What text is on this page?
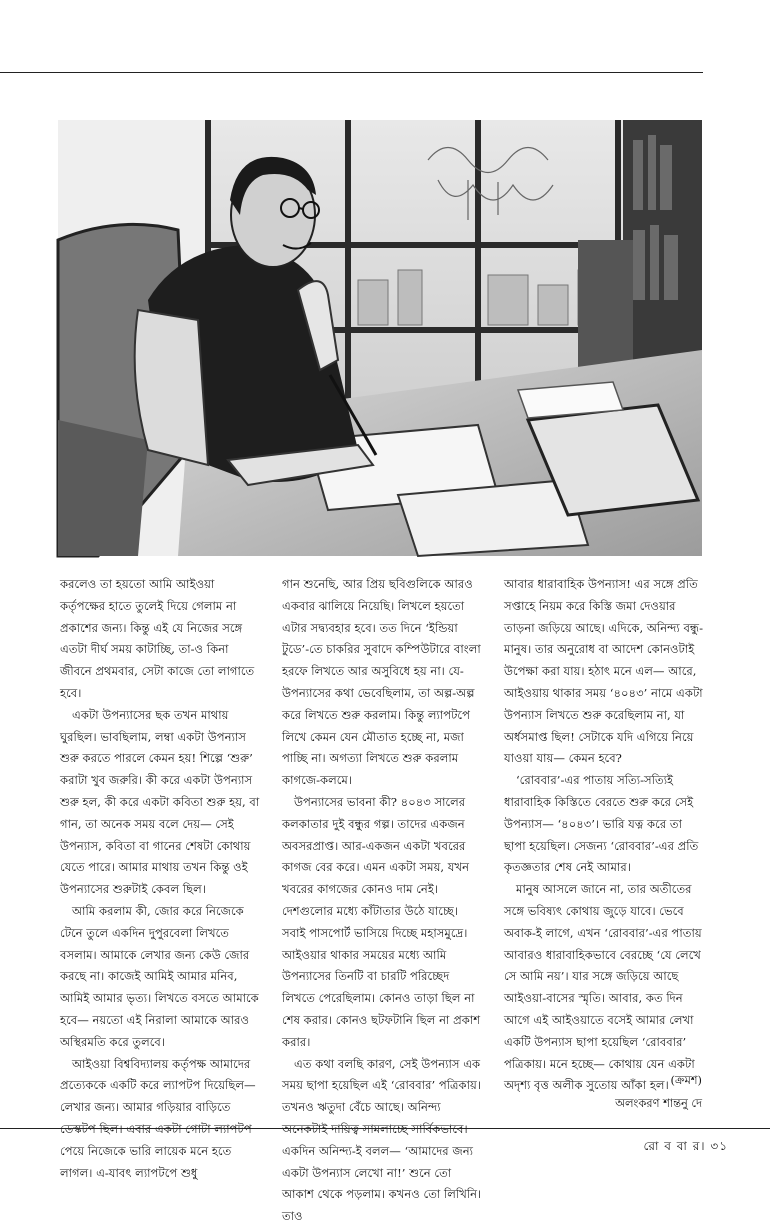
করলেও তা হয়তো আমি আইওয়া কর্তৃপক্ষের হাতে তুলেই দিয়ে গেলাম না প্রকাশের জন্য। কিন্তু এই যে নিজের সঙ্গে এতটা দীর্ঘ সময় কাটাচ্ছি, তা-ও কিনা জীবনে প্রথমবার, সেটা কাজে তো লাগাতে হবে।

একটা উপন্যাসের ছক তখন মাথায় ঘুরছিল। ভাবছিলাম, লম্বা একটা উপন্যাস শুরু করতে পারলে কেমন হয়! শিল্পে ‘শুরু’ করাটা খুব জরুরি। কী করে একটা উপন্যাস শুরু হল, কী করে একটা কবিতা শুরু হয়, বা গান, তা অনেক সময় বলে দেয়— সেই উপন্যাস, কবিতা বা গানের শেষটা কোথায় যেতে পারে। আমার মাথায় তখন কিন্তু ওই উপন্যাসের শুরুটাই কেবল ছিল।

আমি করলাম কী, জোর করে নিজেকে টেনে তুলে একদিন দুপুরবেলা লিখতে বসলাম। আমাকে লেখার জন্য কেউ জোর করছে না। কাজেই আমিই আমার মনিব, আমিই আমার ভৃত্য। লিখতে বসতে আমাকে হবে— নয়তো এই নিরালা আমাকে আরও অস্থিরমতি করে তুলবে।

আইওয়া বিশ্ববিদ্যালয় কর্তৃপক্ষ আমাদের প্রত্যেককে একটি করে ল্যাপটপ দিয়েছিল— লেখার জন্য। আমার গড়িয়ার বাড়িতে পেয়ে নিজেকে ভারি লায়েক মনে হতে লাগল। এ-যাবৎ ল্যাপটপে শুধু

গান শুনেছি, আর প্রিয় ছবিগুলিকে আরও একবার ঝালিয়ে নিয়েছি। লিখলে হয়তো এটার সদ্ব্যবহার হবে। তত দিনে ‘ইন্ডিয়া টুডে’-তে চাকরির সুবাদে কম্পিউটারে বাংলা হরফে লিখতে আর অসুবিধে হয় না। যে-উপন্যাসের কথা ভেবেছিলাম, তা অল্প-অল্প করে লিখতে শুরু করলাম। কিন্তু ল্যাপটপে লিখে কেমন যেন মৌতাত হচ্ছে না, মজা পাচ্ছি না। অগত্যা লিখতে শুরু করলাম কাগজে-কলমে।

উপন্যাসের ভাবনা কী? ৪০৪৩ সালের কলকাতার দুই বন্ধুর গল্প। তাদের একজন অবসরপ্রাপ্ত। আর-একজন একটা খবরের কাগজ বের করে। এমন একটা সময়, যখন খবরের কাগজের কোনও দাম নেই। দেশগুলোর মধ্যে কাঁটাতার উঠে যাচ্ছে। সবাই পাসপোর্ট ভাসিয়ে দিচ্ছে মহাসমুদ্রে। আইওয়ার থাকার সময়ের মধ্যে আমি উপন্যাসের তিনটি বা চারটি পরিচ্ছেদ লিখতে পেরেছিলাম। কোনও তাড়া ছিল না শেষ করার। কোনও ছটফটানি ছিল না প্রকাশ করার।

এত কথা বলছি কারণ, সেই উপন্যাস এক সময় ছাপা হয়েছিল এই ‘রোববার’ পত্রিকায়। তখনও ঋতুদা বেঁচে আছে। অনিন্দ্য একদিন অনিন্দ্য-ই বলল— ‘আমাদের জন্য একটা উপন্যাস লেখো না!’ শুনে তো আকাশ থেকে পড়লাম। কখনও তো লিখিনি। তাও

আবার ধারাবাহিক উপন্যাস! এর সঙ্গে প্রতি সপ্তাহে নিয়ম করে কিস্তি জমা দেওয়ার তাড়না জড়িয়ে আছে। এদিকে, অনিন্দ্য বন্ধু-মানুষ। তার অনুরোধ বা আদেশ কোনওটাই উপেক্ষা করা যায়। হঠাৎ মনে এল— আরে, আইওয়ায় থাকার সময় ‘৪০৪৩’ নামে একটা উপন্যাস লিখতে শুরু করেছিলাম না, যা অর্ধসমাপ্ত ছিল! সেটাকে যদি এগিয়ে নিয়ে যাওয়া যায়— কেমন হবে?

‘রোববার’-এর পাতায় সত্যি-সত্যিই ধারাবাহিক কিস্তিতে বেরতে শুরু করে সেই উপন্যাস— ‘৪০৪৩’। ভারি যত্ন করে তা ছাপা হয়েছিল। সেজন্য ‘রোববার’-এর প্রতি কৃতজ্ঞতার শেষ নেই আমার।

মানুষ আসলে জানে না, তার অতীতের সঙ্গে ভবিষ্যৎ কোথায় জুড়ে যাবে। ভেবে অবাক-ই লাগে, এখন ‘রোববার’-এর পাতায় আবারও ধারাবাহিকভাবে বেরচ্ছে ‘যে লেখে সে আমি নয়’। যার সঙ্গে জড়িয়ে আছে আইওয়া-বাসের স্মৃতি। আবার, কত দিন আগে এই আইওয়াতে বসেই আমার লেখা একটি উপন্যাস ছাপা হয়েছিল ‘রোববার’ পত্রিকায়। মনে হচ্ছে— কোথায় যেন একটা অদৃশ্য বৃত্ত অলীক সুতোয় আঁকা হল। (ক্রমশ)
অলংকরণ শান্তনু দে
রো ব বা র। ৩১
